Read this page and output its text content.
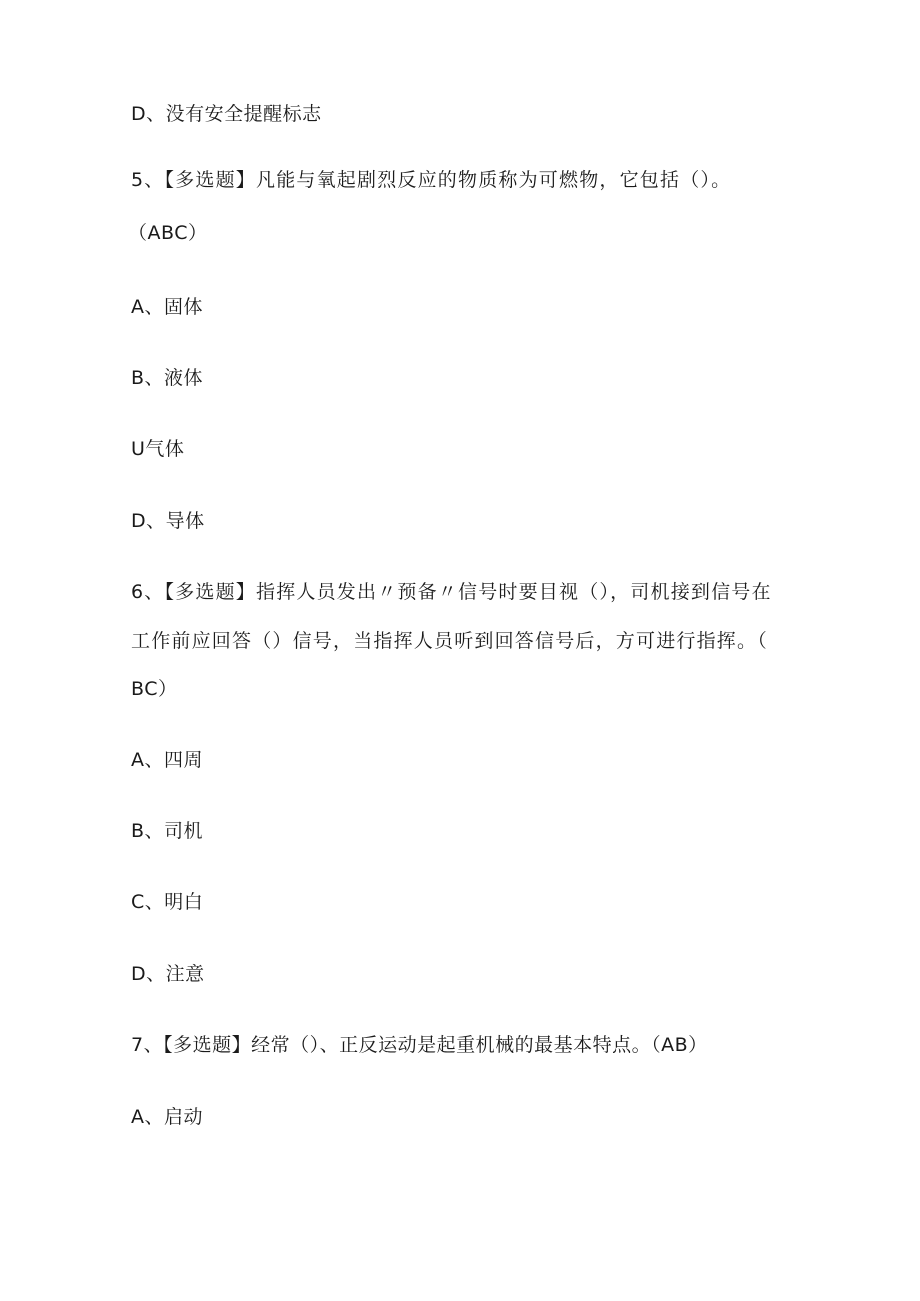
D、没有安全提醒标志
5、【多选题】凡能与氧起剧烈反应的物质称为可燃物，它包括（）。
（ABC）
A、固体
B、液体
U气体
D、导体
6、【多选题】指挥人员发出〃预备〃信号时要目视（），司机接到信号在
工作前应回答（）信号，当指挥人员听到回答信号后，方可进行指挥。（
BC）
A、四周
B、司机
C、明白
D、注意
7、【多选题】经常（）、正反运动是起重机械的最基本特点。（AB）
A、启动
